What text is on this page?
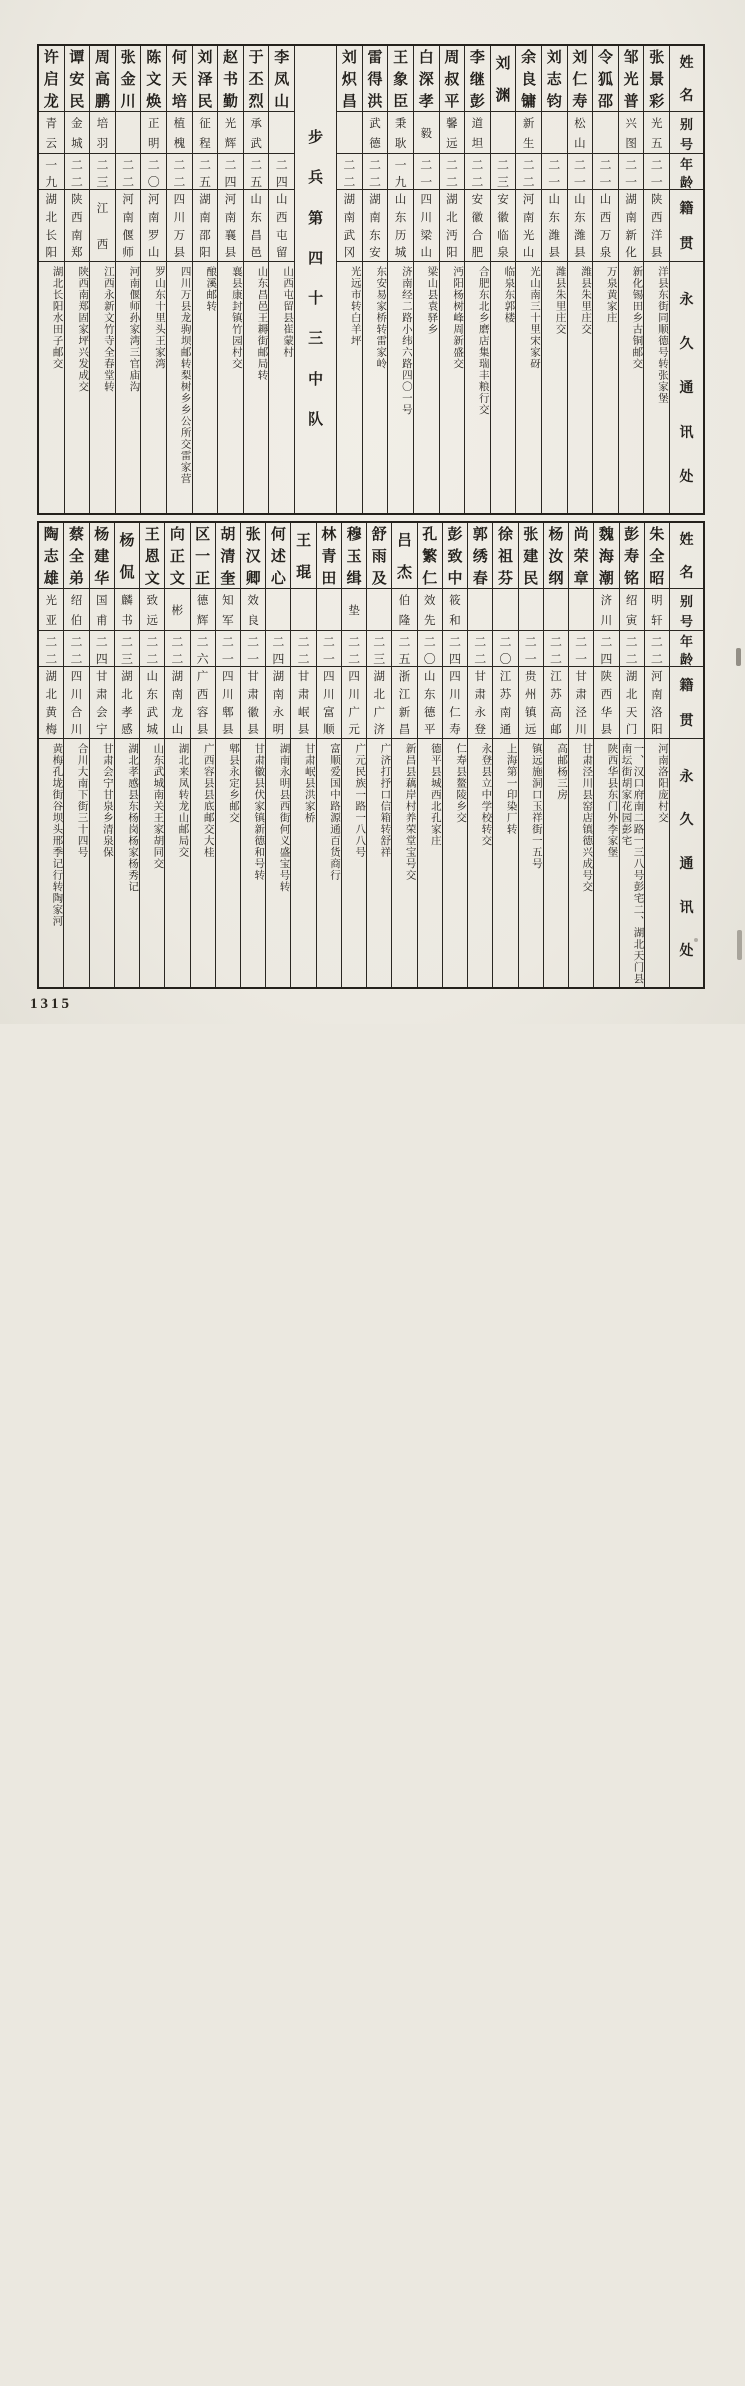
姓
名
别
号
年
龄
籍
贯
永
久
通
讯
处
张
景
彩
光
五
二
一
陕
西
洋
县
洋县东街同顺德号转张家堡
邹
光
普
兴
图
二
一
湖
南
新
化
新化锡田乡古铜邮交
令
狐
邵
二
一
山
西
万
泉
万泉黄家庄
刘
仁
寿
松
山
二
一
山
东
潍
县
潍县朱里庄交
刘
志
钧
二
一
山
东
潍
县
潍县朱里庄交
余
良
镛
新
生
二
二
河
南
光
山
光山南三十里宋家砑
刘
渊
二
三
安
徽
临
泉
临泉东郭楼
李
继
彭
道
坦
二
二
安
徽
合
肥
合肥东北乡磨店集瑞丰粮行交
周
叔
平
馨
远
二
二
湖
北
沔
阳
沔阳杨树峰周新盛交
白
深
孝
毅
二
一
四
川
梁
山
梁山县袁驿乡
王
象
臣
秉
耿
一
九
山
东
历
城
济南经二路小纬六路四〇一号
雷
得
洪
武
德
二
二
湖
南
东
安
东安易家桥转雷家岭
刘
炽
昌
二
二
湖
南
武
冈
光远市转白羊坪
步
兵
第
四
十
三
中
队
李
凤
山
二
四
山
西
屯
留
山西屯留县崔蒙村
于
丕
烈
承
武
二
五
山
东
昌
邑
山东昌邑王耨街邮局转
赵
书
勤
光
辉
二
四
河
南
襄
县
襄县康封镇竹园村交
刘
泽
民
征
程
二
五
湖
南
邵
阳
酿溪邮转
何
天
培
植
槐
二
二
四
川
万
县
四川万县龙驹坝邮转梨树乡乡公所交雷家营
陈
文
焕
正
明
二
〇
河
南
罗
山
罗山东十里头王家湾
张
金
川
二
二
河
南
偃
师
河南偃师孙家湾三官庙沟
周
高
鹏
培
羽
二
三
江
西
江西永新文竹寺全春堂转
谭
安
民
金
城
二
二
陕
西
南
郑
陕西南郑固家坪兴发成交
许
启
龙
青
云
一
九
湖
北
长
阳
湖北长阳水田子邮交
姓
名
别
号
年
龄
籍
贯
永
久
通
讯
处
朱
全
昭
明
轩
二
二
河
南
洛
阳
河南洛阳庞村交
彭
寿
铭
绍
寅
二
二
湖
北
天
门
一、汉口府南二路一三八号彭宅二、湖北天门县南坛街胡家花园彭宅
魏
海
潮
济
川
二
四
陕
西
华
县
陕西华县东门外李家堡
尚
荣
章
二
一
甘
肃
泾
川
甘肃泾川县窑店镇德兴成号交
杨
汝
纲
二
二
江
苏
高
邮
高邮杨三房
张
建
民
二
一
贵
州
镇
远
镇远施洞口玉祥街一五号
徐
祖
芬
二
〇
江
苏
南
通
上海第一印染厂转
郭
绣
春
二
二
甘
肃
永
登
永登县立中学校转交
彭
致
中
筱
和
二
四
四
川
仁
寿
仁寿县鳌陵乡交
孔
繁
仁
效
先
二
〇
山
东
德
平
德平县城西北孔家庄
吕
杰
伯
隆
二
五
浙
江
新
昌
新昌县藕岸村养荣堂宝号交
舒
雨
及
二
三
湖
北
广
济
广济打抒口信箱转舒祥
穆
玉
缉
垫
二
二
四
川
广
元
广元民族一路一八八号
林
青
田
二
一
四
川
富
顺
富顺爱国中路源通百货商行
王
琨
二
二
甘
肃
岷
县
甘肃岷县洪家桥
何
述
心
二
四
湖
南
永
明
湖南永明县西街何义盛宝号转
张
汉
卿
效
良
二
一
甘
肃
徽
县
甘肃徽县伏家镇新德和号转
胡
清
奎
知
军
二
一
四
川
郫
县
郫县永定乡邮交
区
一
正
德
辉
二
六
广
西
容
县
广西容县县底邮交大桂
向
正
文
彬
二
二
湖
南
龙
山
湖北来凤转龙山邮局交
王
恩
文
致
远
二
二
山
东
武
城
山东武城南关王家胡同交
杨
侃
麟
书
二
三
湖
北
孝
感
湖北孝感县东杨岗杨家杨秀记
杨
建
华
国
甫
二
四
甘
肃
会
宁
甘肃会宁甘泉乡清泉保
蔡
全
弟
绍
伯
二
二
四
川
合
川
合川大南下街三十四号
陶
志
雄
光
亚
二
二
湖
北
黄
梅
黄梅孔垅街谷坝头邢季记行转陶家河
1315
